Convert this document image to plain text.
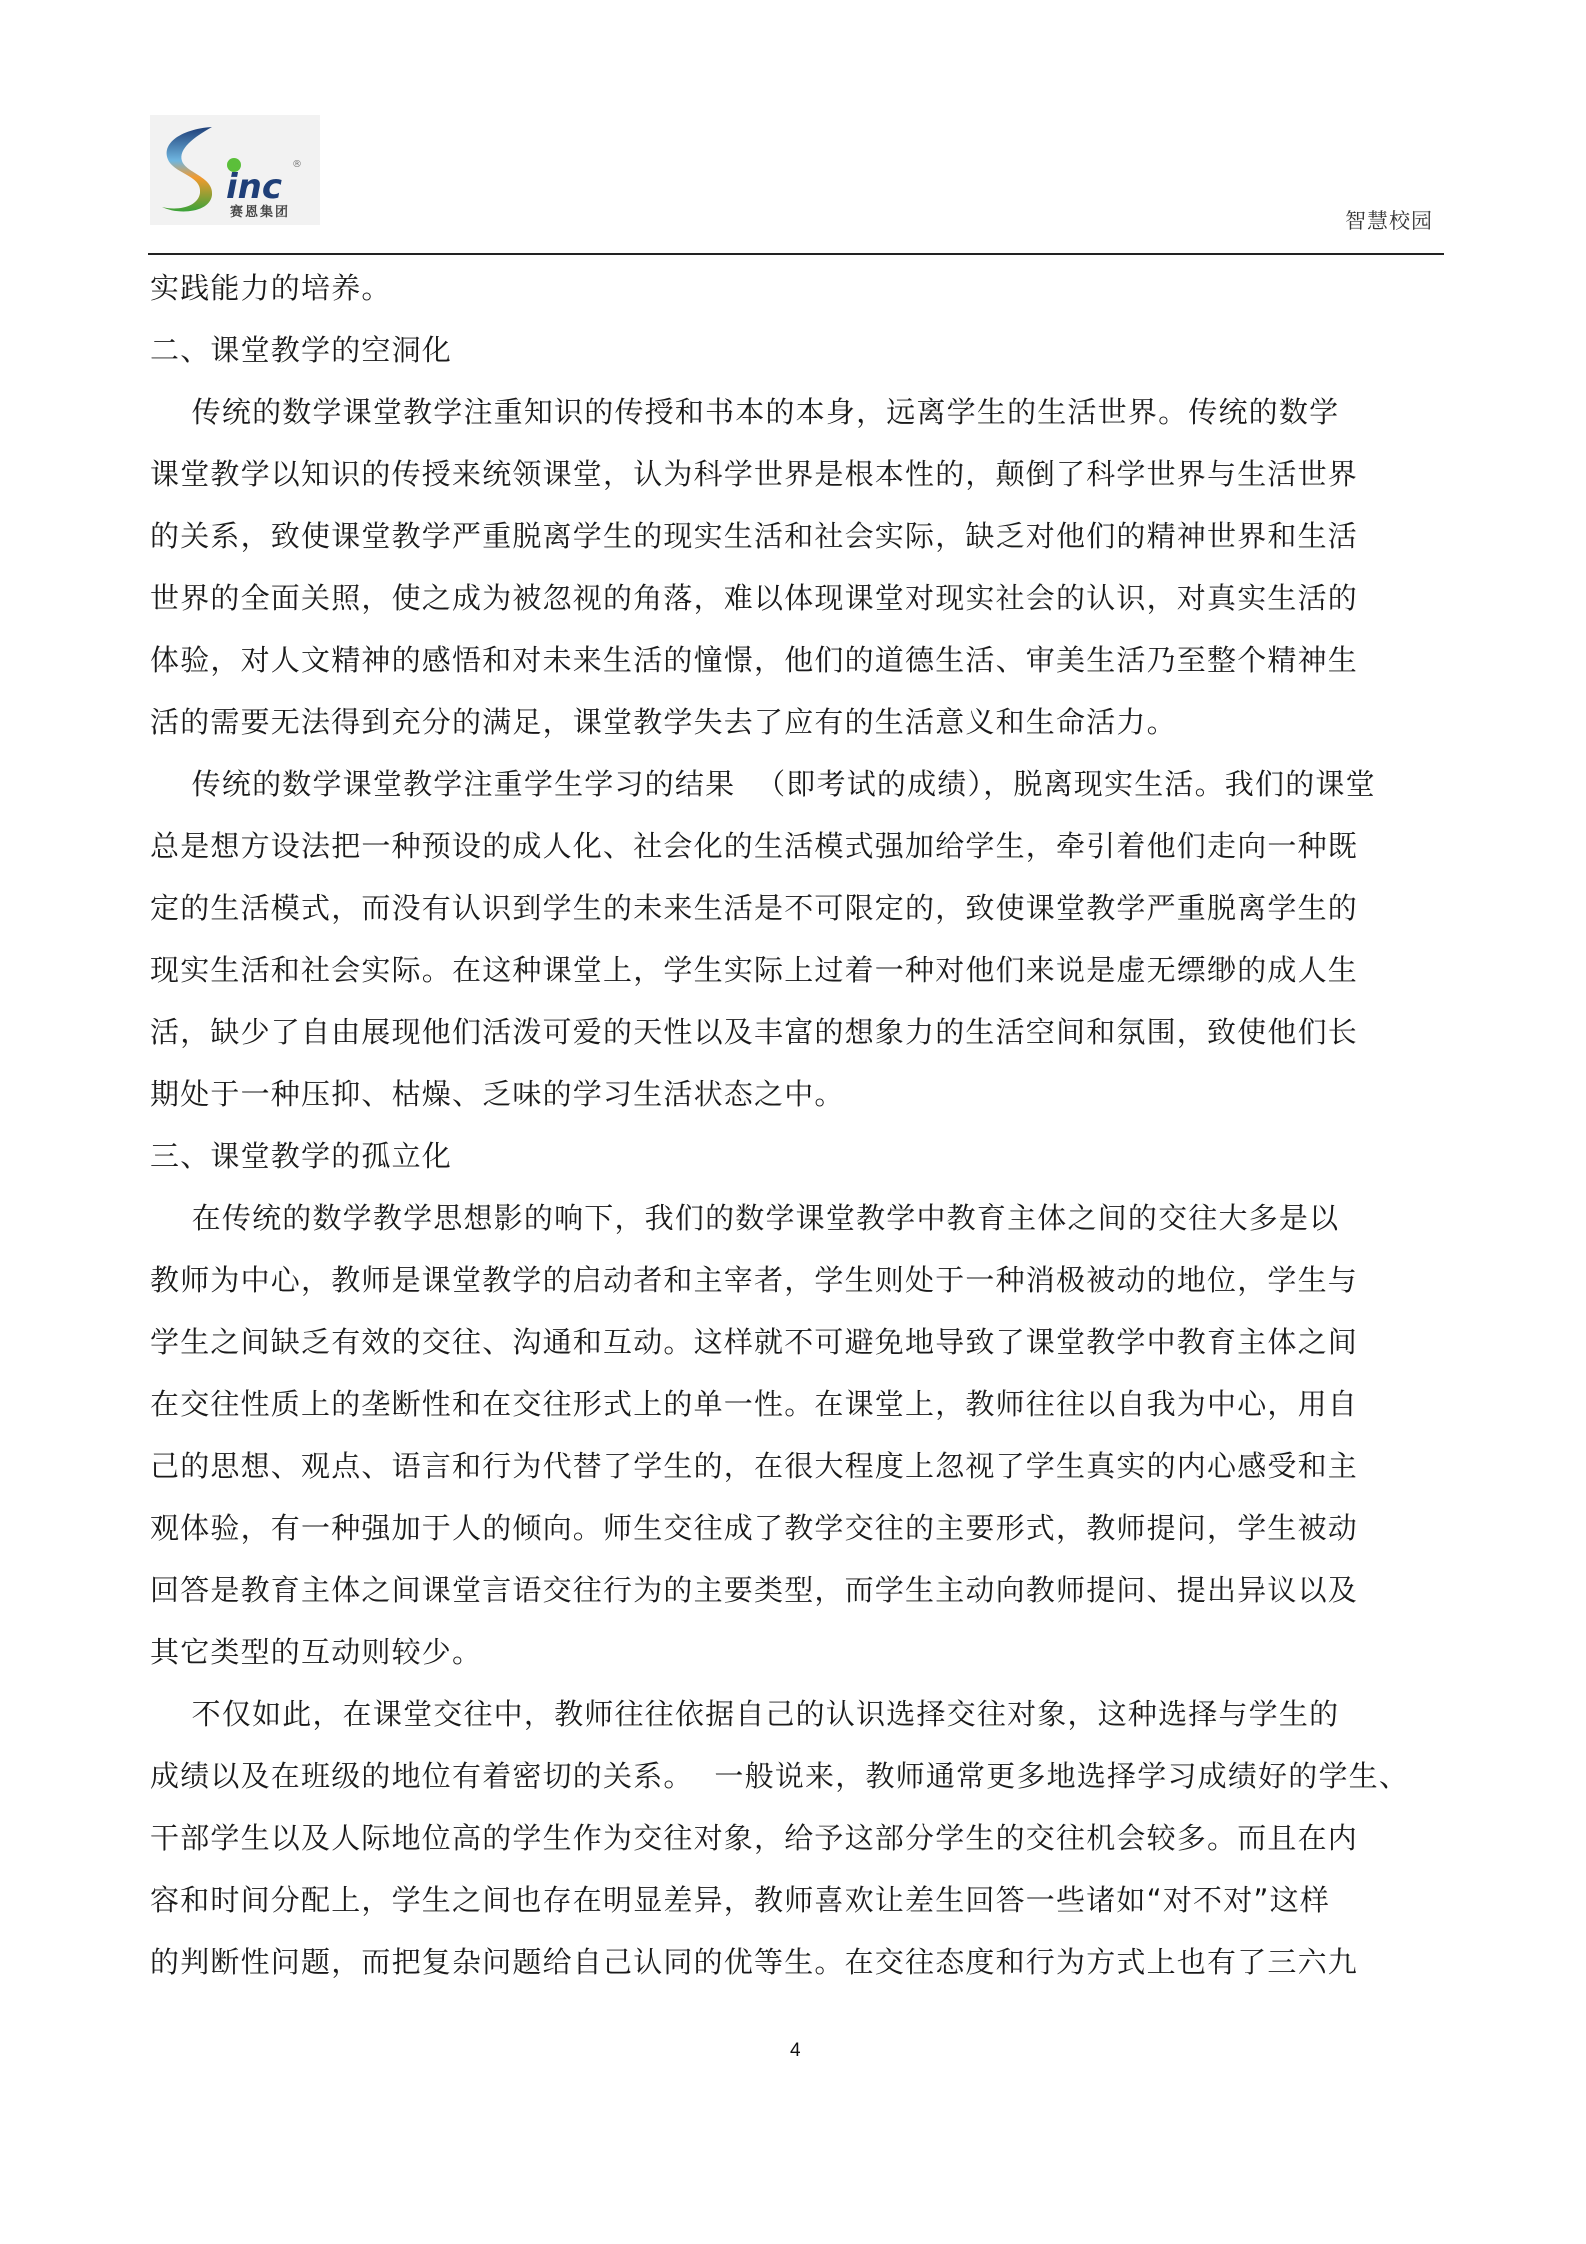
inc
®
赛恩集团	智慧校园
实践能力的培养。
二、课堂教学的空洞化
传统的数学课堂教学注重知识的传授和书本的本身，远离学生的生活世界。传统的数学
课堂教学以知识的传授来统领课堂，认为科学世界是根本性的，颠倒了科学世界与生活世界
的关系，致使课堂教学严重脱离学生的现实生活和社会实际，缺乏对他们的精神世界和生活
世界的全面关照，使之成为被忽视的角落，难以体现课堂对现实社会的认识，对真实生活的
体验，对人文精神的感悟和对未来生活的憧憬，他们的道德生活、审美生活乃至整个精神生
活的需要无法得到充分的满足，课堂教学失去了应有的生活意义和生命活力。
传统的数学课堂教学注重学生学习的结果  （即考试的成绩），脱离现实生活。我们的课堂
总是想方设法把一种预设的成人化、社会化的生活模式强加给学生，牵引着他们走向一种既
定的生活模式，而没有认识到学生的未来生活是不可限定的，致使课堂教学严重脱离学生的
现实生活和社会实际。在这种课堂上，学生实际上过着一种对他们来说是虚无缥缈的成人生
活，缺少了自由展现他们活泼可爱的天性以及丰富的想象力的生活空间和氛围，致使他们长
期处于一种压抑、枯燥、乏味的学习生活状态之中。
三、课堂教学的孤立化
在传统的数学教学思想影的响下，我们的数学课堂教学中教育主体之间的交往大多是以
教师为中心，教师是课堂教学的启动者和主宰者，学生则处于一种消极被动的地位，学生与
学生之间缺乏有效的交往、沟通和互动。这样就不可避免地导致了课堂教学中教育主体之间
在交往性质上的垄断性和在交往形式上的单一性。在课堂上，教师往往以自我为中心，用自
己的思想、观点、语言和行为代替了学生的，在很大程度上忽视了学生真实的内心感受和主
观体验，有一种强加于人的倾向。师生交往成了教学交往的主要形式，教师提问，学生被动
回答是教育主体之间课堂言语交往行为的主要类型，而学生主动向教师提问、提出异议以及
其它类型的互动则较少。
不仅如此，在课堂交往中，教师往往依据自己的认识选择交往对象，这种选择与学生的
成绩以及在班级的地位有着密切的关系。  一般说来，教师通常更多地选择学习成绩好的学生、
干部学生以及人际地位高的学生作为交往对象，给予这部分学生的交往机会较多。而且在内
容和时间分配上，学生之间也存在明显差异，教师喜欢让差生回答一些诸如“对不对”这样
的判断性问题，而把复杂问题给自己认同的优等生。在交往态度和行为方式上也有了三六九
4
